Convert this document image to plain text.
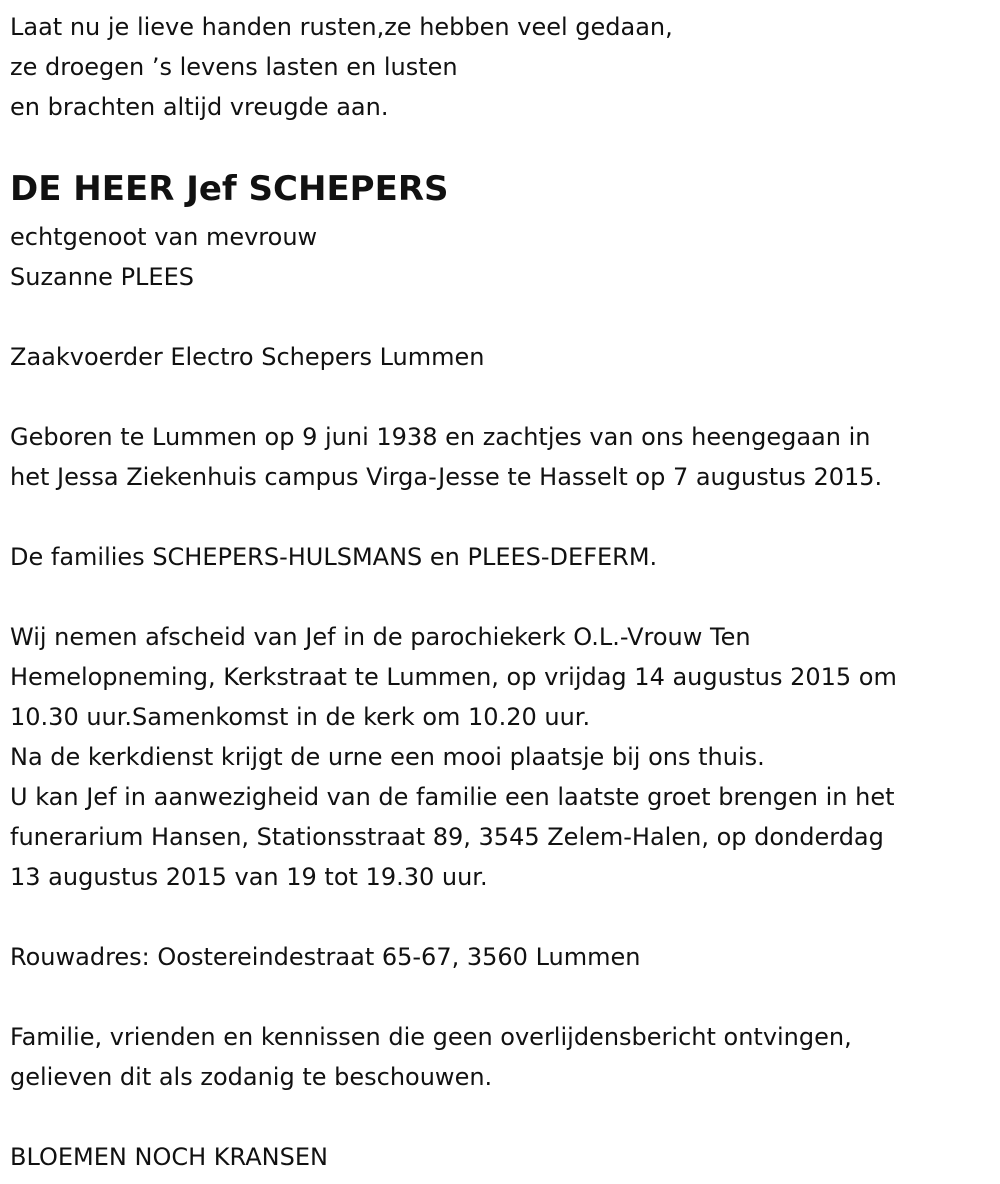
Laat nu je lieve handen rusten,ze hebben veel gedaan,
ze droegen ’s levens lasten en lusten
en brachten altijd vreugde aan.
DE HEER Jef SCHEPERS
echtgenoot van mevrouw
Suzanne PLEES
Zaakvoerder Electro Schepers Lummen
Geboren te Lummen op 9 juni 1938 en zachtjes van ons heengegaan in
het Jessa Ziekenhuis campus Virga-Jesse te Hasselt op 7 augustus 2015.
De families SCHEPERS-HULSMANS en PLEES-DEFERM.
Wij nemen afscheid van Jef in de parochiekerk O.L.-Vrouw Ten
Hemelopneming, Kerkstraat te Lummen, op vrijdag 14 augustus 2015 om
10.30 uur.Samenkomst in de kerk om 10.20 uur.
Na de kerkdienst krijgt de urne een mooi plaatsje bij ons thuis.
U kan Jef in aanwezigheid van de familie een laatste groet brengen in het
funerarium Hansen, Stationsstraat 89, 3545 Zelem-Halen, op donderdag
13 augustus 2015 van 19 tot 19.30 uur.
Rouwadres: Oostereindestraat 65-67, 3560 Lummen
Familie, vrienden en kennissen die geen overlijdensbericht ontvingen,
gelieven dit als zodanig te beschouwen.
BLOEMEN NOCH KRANSEN
